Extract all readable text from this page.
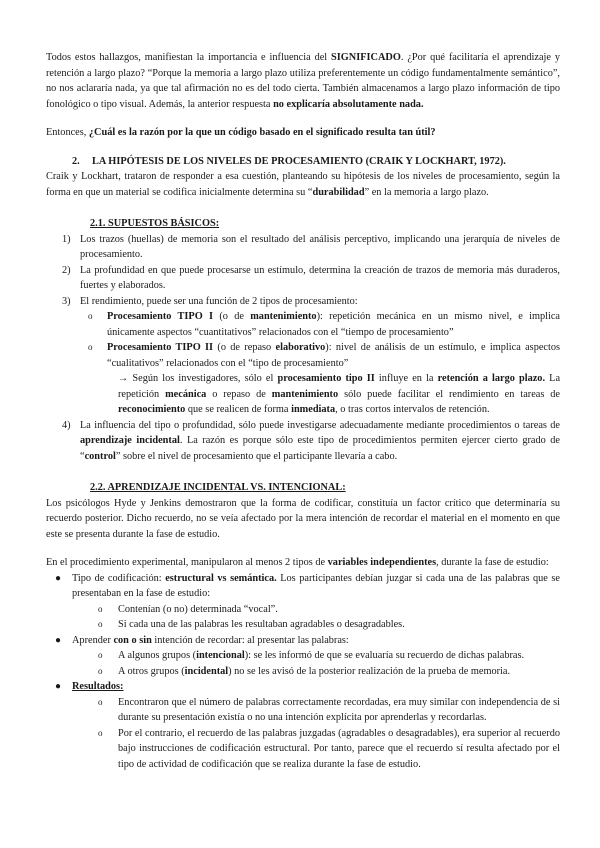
Todos estos hallazgos, manifiestan la importancia e influencia del SIGNIFICADO. ¿Por qué facilitaría el aprendizaje y retención a largo plazo? “Porque la memoria a largo plazo utiliza preferentemente un código fundamentalmente semántico”, no nos aclararía nada, ya que tal afirmación no es del todo cierta. También almacenamos a largo plazo información de tipo fonológico o tipo visual. Además, la anterior respuesta no explicaría absolutamente nada.

Entonces, ¿Cuál es la razón por la que un código basado en el significado resulta tan útil?

2. LA HIPÓTESIS DE LOS NIVELES DE PROCESAMIENTO (CRAIK Y LOCKHART, 1972).

Craik y Lockhart, trataron de responder a esa cuestión, planteando su hipótesis de los niveles de procesamiento, según la forma en que un material se codifica inicialmente determina su “durabilidad” en la memoria a largo plazo.

2.1. SUPUESTOS BÁSICOS:
1) Los trazos (huellas) de memoria son el resultado del análisis perceptivo, implicando una jerarquía de niveles de procesamiento.
2) La profundidad en que puede procesarse un estímulo, determina la creación de trazos de memoria más duraderos, fuertes y elaborados.
3) El rendimiento, puede ser una función de 2 tipos de procesamiento:
o Procesamiento TIPO I (o de mantenimiento): repetición mecánica en un mismo nivel, e implica únicamente aspectos “cuantitativos” relacionados con el “tiempo de procesamiento”
o Procesamiento TIPO II (o de repaso elaborativo): nivel de análisis de un estímulo, e implica aspectos “cualitativos” relacionados con el “tipo de procesamiento”
→ Según los investigadores, sólo el procesamiento tipo II influye en la retención a largo plazo. La repetición mecánica o repaso de mantenimiento sólo puede facilitar el rendimiento en tareas de reconocimiento que se realicen de forma inmediata, o tras cortos intervalos de retención.
4) La influencia del tipo o profundidad, sólo puede investigarse adecuadamente mediante procedimientos o tareas de aprendizaje incidental. La razón es porque sólo este tipo de procedimientos permiten ejercer cierto grado de “control” sobre el nivel de procesamiento que el participante llevaría a cabo.
2.2. APRENDIZAJE INCIDENTAL VS. INTENCIONAL:

Los psicólogos Hyde y Jenkins demostraron que la forma de codificar, constituía un factor crítico que determinaría su recuerdo posterior. Dicho recuerdo, no se veía afectado por la mera intención de recordar el material en el momento en que este se presenta durante la fase de estudio.

En el procedimiento experimental, manipularon al menos 2 tipos de variables independientes, durante la fase de estudio:

● Tipo de codificación: estructural vs semántica. Los participantes debían juzgar si cada una de las palabras que se presentaban en la fase de estudio:
o Contenían (o no) determinada “vocal”.
o Si cada una de las palabras les resultaban agradables o desagradables.
● Aprender con o sin intención de recordar: al presentar las palabras:
o A algunos grupos (intencional): se les informó de que se evaluaría su recuerdo de dichas palabras.
o A otros grupos (incidental) no se les avisó de la posterior realización de la prueba de memoria.
● Resultados:
o Encontraron que el número de palabras correctamente recordadas, era muy similar con independencia de si durante su presentación existía o no una intención explícita por aprenderlas y recordarlas.
o Por el contrario, el recuerdo de las palabras juzgadas (agradables o desagradables), era superior al recuerdo bajo instrucciones de codificación estructural. Por tanto, parece que el recuerdo sí resulta afectado por el tipo de actividad de codificación que se realiza durante la fase de estudio.
